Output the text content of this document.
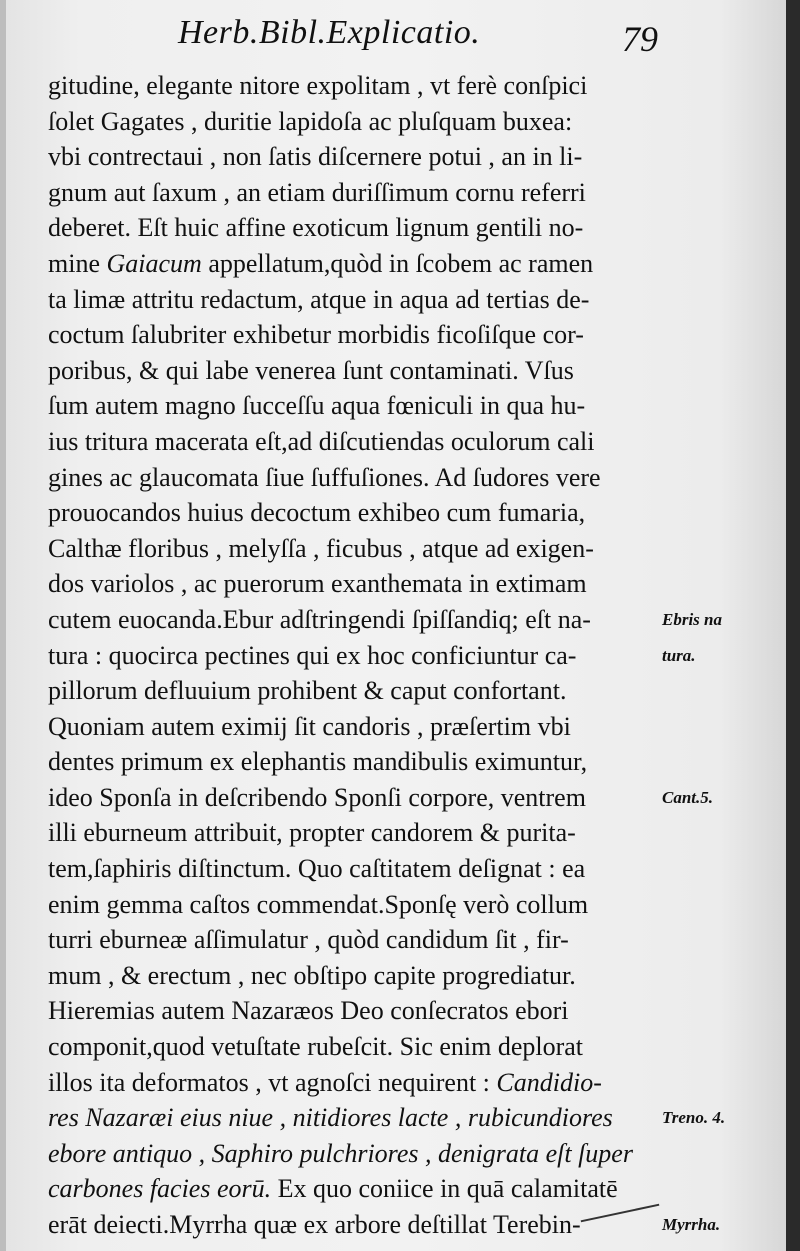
Herb.Bibl.Explicatio.	79
gitudine, elegante nitore expolitam , vt ferè conſpici
ſolet Gagates , duritie lapidoſa ac pluſquam buxea:
vbi contrectaui , non ſatis diſcernere potui , an in li-
gnum aut ſaxum , an etiam duriſſimum cornu referri
deberet. Eſt huic affine exoticum lignum gentili no-
mine Gaiacum appellatum,quòd in ſcobem ac ramen
ta limæ attritu redactum, atque in aqua ad tertias de-
coctum ſalubriter exhibetur morbidis ficoſiſque cor-
poribus, & qui labe venerea ſunt contaminati. Vſus
ſum autem magno ſucceſſu aqua fœniculi in qua hu-
ius tritura macerata eſt,ad diſcutiendas oculorum cali
gines ac glaucomata ſiue ſuffuſiones. Ad ſudores vere
prouocandos huius decoctum exhibeo cum fumaria,
Calthæ floribus , melyſſa , ficubus , atque ad exigen-
dos variolos , ac puerorum exanthemata in extimam
cutem euocanda.Ebur adſtringendi ſpiſſandiq; eſt na-
tura : quocirca pectines qui ex hoc conficiuntur ca-
pillorum defluuium prohibent & caput confortant.
Quoniam autem eximij ſit candoris , præſertim vbi
dentes primum ex elephantis mandibulis eximuntur,
ideo Sponſa in deſcribendo Sponſi corpore, ventrem
illi eburneum attribuit, propter candorem & purita-
tem,ſaphiris diſtinctum. Quo caſtitatem deſignat : ea
enim gemma caſtos commendat.Sponſę verò collum
turri eburneæ aſſimulatur , quòd candidum ſit , fir-
mum , & erectum , nec obſtipo capite progrediatur.
Hieremias autem Nazaræos Deo conſecratos ebori
componit,quod vetuſtate rubeſcit. Sic enim deplorat
illos ita deformatos , vt agnoſci nequirent : Candidio-
res Nazaræi eius niue , nitidiores lacte , rubicundiores
ebore antiquo , Saphiro pulchriores , denigrata eſt ſuper
carbones facies eorū. Ex quo coniice in quā calamitatē
erāt deiecti.Myrrha quæ ex arbore deſtillat Terebin-
Ebris na
tura.
Cant.5.
Treno. 4.
Myrrha.
